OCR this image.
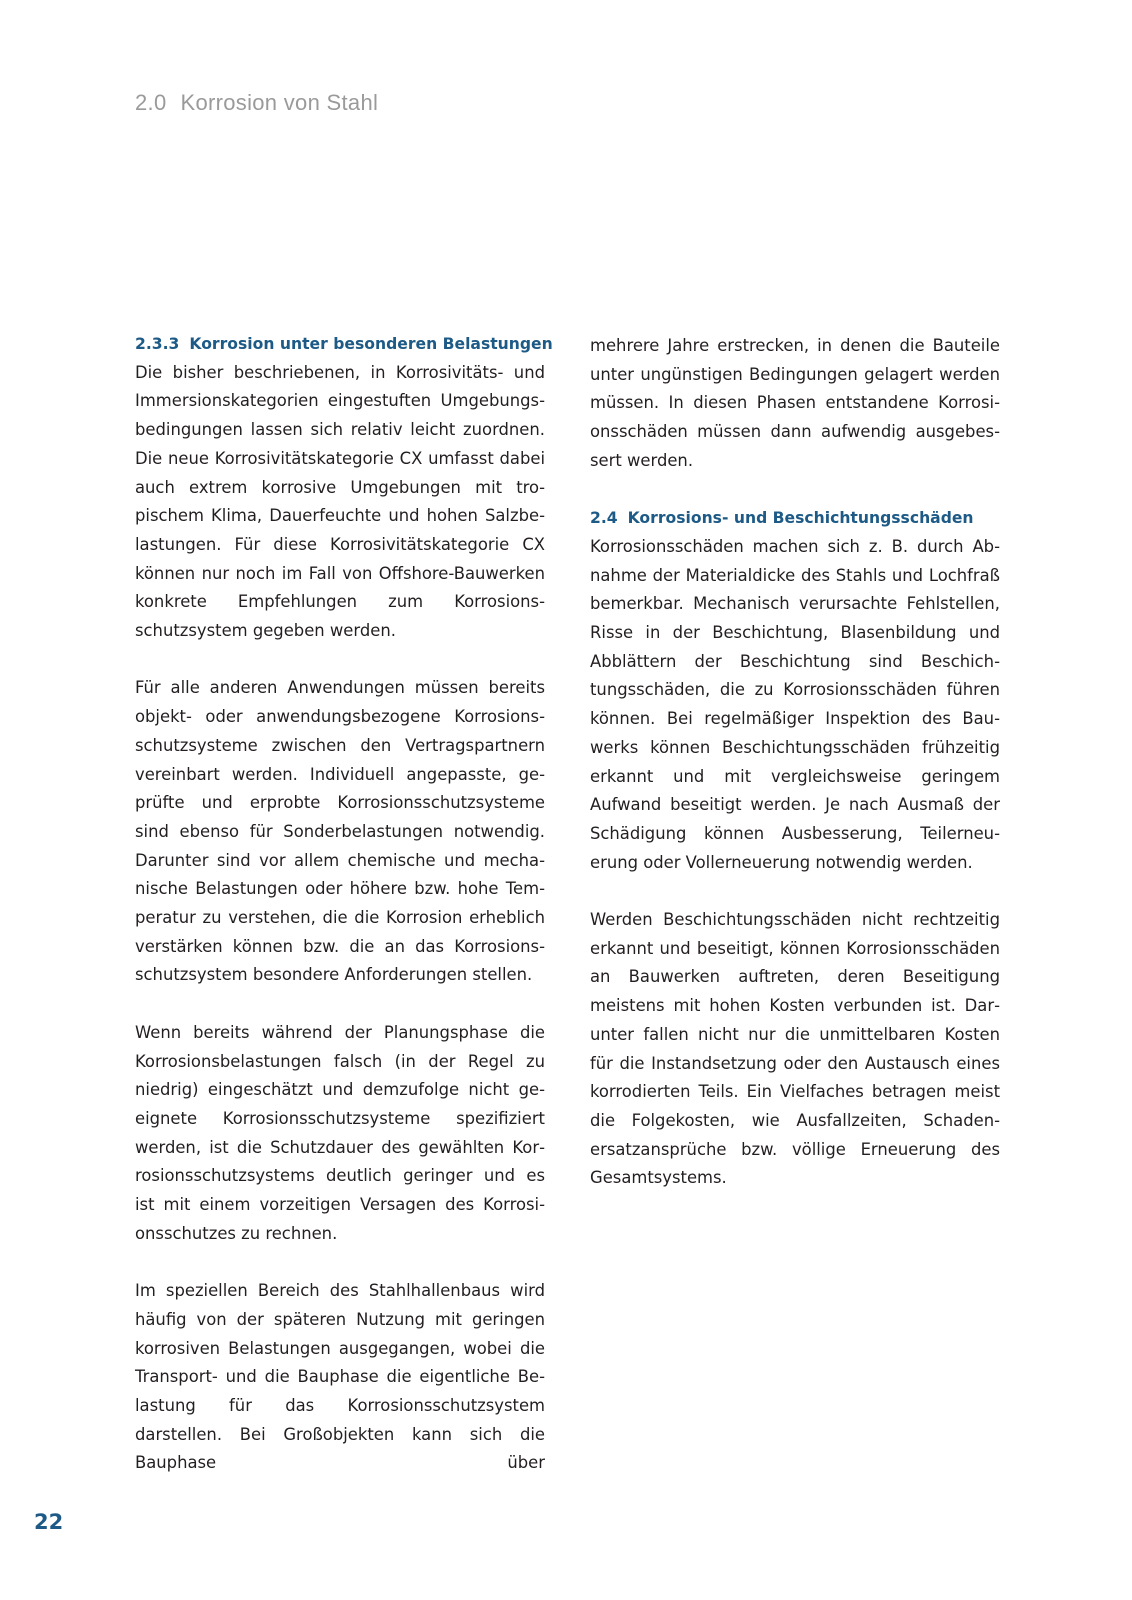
2.0 Korrosion von Stahl
2.3.3 Korrosion unter besonderen Belastungen

Die bisher beschriebenen, in Korrosivitäts- und Immersionskategorien eingestuften Umgebungsbedingungen lassen sich relativ leicht zuordnen. Die neue Korrosivitätskategorie CX umfasst dabei auch extrem korrosive Umgebungen mit tropischem Klima, Dauerfeuchte und hohen Salzbelastungen. Für diese Korrosivitätskategorie CX können nur noch im Fall von Offshore-Bauwerken konkrete Empfehlungen zum Korrosionsschutzsystem gegeben werden.

Für alle anderen Anwendungen müssen bereits objekt- oder anwendungsbezogene Korrosionsschutzsysteme zwischen den Vertragspartnern vereinbart werden. Individuell angepasste, geprüfte und erprobte Korrosionsschutzsysteme sind ebenso für Sonderbelastungen notwendig. Darunter sind vor allem chemische und mechanische Belastungen oder höhere bzw. hohe Temperatur zu verstehen, die die Korrosion erheblich verstärken können bzw. die an das Korrosionsschutzsystem besondere Anforderungen stellen.

Wenn bereits während der Planungsphase die Korrosionsbelastungen falsch (in der Regel zu niedrig) eingeschätzt und demzufolge nicht geeignete Korrosionsschutzsysteme spezifiziert werden, ist die Schutzdauer des gewählten Korrosionsschutzsystems deutlich geringer und es ist mit einem vorzeitigen Versagen des Korrosionsschutzes zu rechnen.

Im speziellen Bereich des Stahlhallenbaus wird häufig von der späteren Nutzung mit geringen korrosiven Belastungen ausgegangen, wobei die Transport- und die Bauphase die eigentliche Belastung für das Korrosionsschutzsystem darstellen. Bei Großobjekten kann sich die Bauphase über

mehrere Jahre erstrecken, in denen die Bauteile unter ungünstigen Bedingungen gelagert werden müssen. In diesen Phasen entstandene Korrosionsschäden müssen dann aufwendig ausgebessert werden.

2.4 Korrosions- und Beschichtungsschäden

Korrosionsschäden machen sich z. B. durch Abnahme der Materialdicke des Stahls und Lochfraß bemerkbar. Mechanisch verursachte Fehlstellen, Risse in der Beschichtung, Blasenbildung und Abblättern der Beschichtung sind Beschichtungsschäden, die zu Korrosionsschäden führen können. Bei regelmäßiger Inspektion des Bauwerks können Beschichtungsschäden frühzeitig erkannt und mit vergleichsweise geringem Aufwand beseitigt werden. Je nach Ausmaß der Schädigung können Ausbesserung, Teilerneuerung oder Vollerneuerung notwendig werden.

Werden Beschichtungsschäden nicht rechtzeitig erkannt und beseitigt, können Korrosionsschäden an Bauwerken auftreten, deren Beseitigung meistens mit hohen Kosten verbunden ist. Darunter fallen nicht nur die unmittelbaren Kosten für die Instandsetzung oder den Austausch eines korrodierten Teils. Ein Vielfaches betragen meist die Folgekosten, wie Ausfallzeiten, Schadenersatzansprüche bzw. völlige Erneuerung des Gesamtsystems.

22
